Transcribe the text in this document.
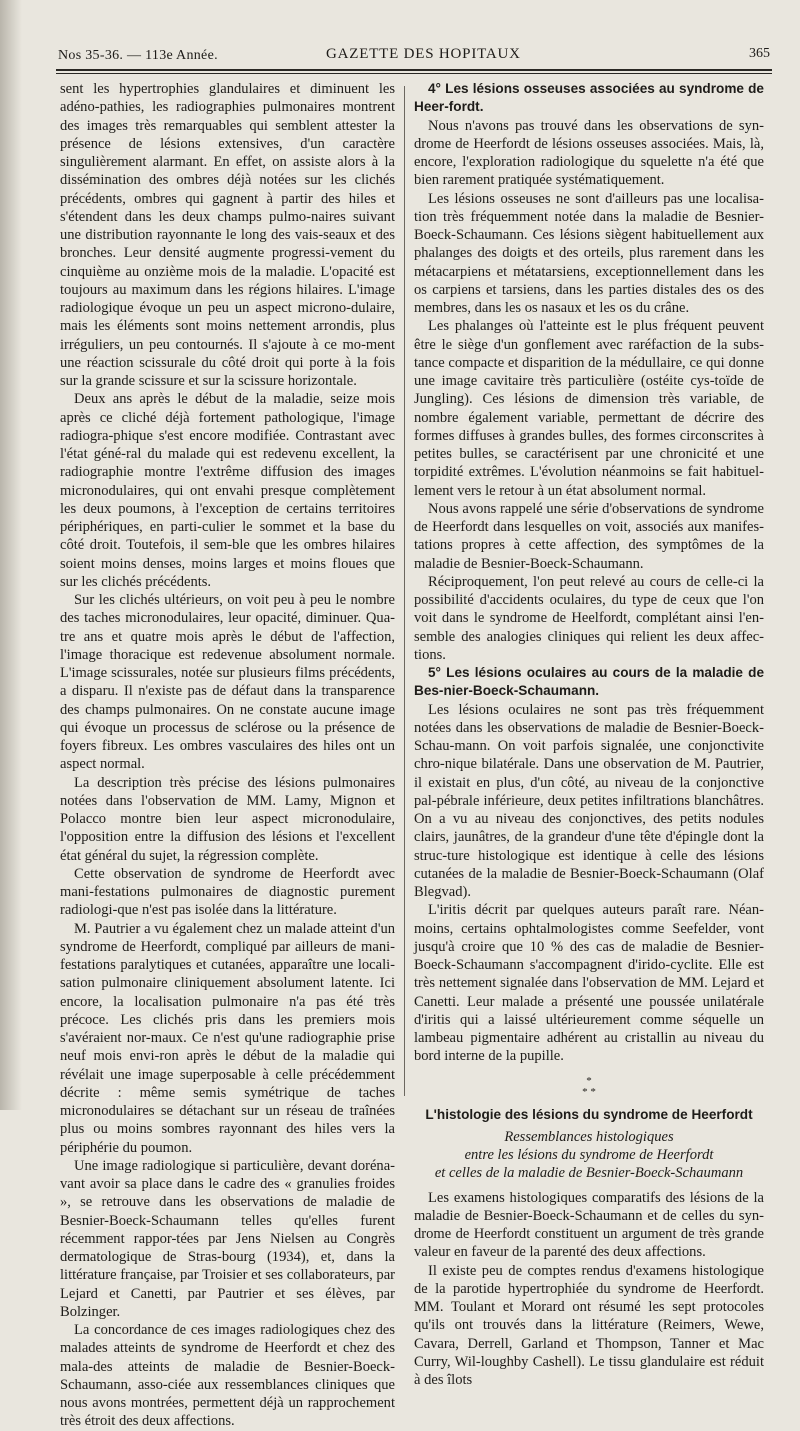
Nos 35-36. — 113e Année.	GAZETTE DES HOPITAUX	365

sent les hypertrophies glandulaires et diminuent les adéno-pathies, les radiographies pulmonaires montrent des images très remarquables qui semblent attester la présence de lésions extensives, d'un caractère singulièrement alarmant. En effet, on assiste alors à la dissémination des ombres déjà notées sur les clichés précédents, ombres qui gagnent à partir des hiles et s'étendent dans les deux champs pulmo-naires suivant une distribution rayonnante le long des vais-seaux et des bronches. Leur densité augmente progressi-vement du cinquième au onzième mois de la maladie. L'opacité est toujours au maximum dans les régions hilaires. L'image radiologique évoque un peu un aspect microno-dulaire, mais les éléments sont moins nettement arrondis, plus irréguliers, un peu contournés. Il s'ajoute à ce mo-ment une réaction scissurale du côté droit qui porte à la fois sur la grande scissure et sur la scissure horizontale.

Deux ans après le début de la maladie, seize mois après ce cliché déjà fortement pathologique, l'image radiogra-phique s'est encore modifiée. Contrastant avec l'état géné-ral du malade qui est redevenu excellent, la radiographie montre l'extrême diffusion des images micronodulaires, qui ont envahi presque complètement les deux poumons, à l'exception de certains territoires périphériques, en parti-culier le sommet et la base du côté droit. Toutefois, il sem-ble que les ombres hilaires soient moins denses, moins larges et moins floues que sur les clichés précédents.

Sur les clichés ultérieurs, on voit peu à peu le nombre des taches micronodulaires, leur opacité, diminuer. Qua-tre ans et quatre mois après le début de l'affection, l'image thoracique est redevenue absolument normale. L'image scissurales, notée sur plusieurs films précédents, a disparu. Il n'existe pas de défaut dans la transparence des champs pulmonaires. On ne constate aucune image qui évoque un processus de sclérose ou la présence de foyers fibreux. Les ombres vasculaires des hiles ont un aspect normal.

La description très précise des lésions pulmonaires notées dans l'observation de MM. Lamy, Mignon et Polacco montre bien leur aspect micronodulaire, l'opposition entre la diffusion des lésions et l'excellent état général du sujet, la régression complète.

Cette observation de syndrome de Heerfordt avec mani-festations pulmonaires de diagnostic purement radiologi-que n'est pas isolée dans la littérature.

M. Pautrier a vu également chez un malade atteint d'un syndrome de Heerfordt, compliqué par ailleurs de mani-festations paralytiques et cutanées, apparaître une locali-sation pulmonaire cliniquement absolument latente. Ici encore, la localisation pulmonaire n'a pas été très précoce. Les clichés pris dans les premiers mois s'avéraient nor-maux. Ce n'est qu'une radiographie prise neuf mois envi-ron après le début de la maladie qui révélait une image superposable à celle précédemment décrite : même semis symétrique de taches micronodulaires se détachant sur un réseau de traînées plus ou moins sombres rayonnant des hiles vers la périphérie du poumon.

Une image radiologique si particulière, devant doréna-vant avoir sa place dans le cadre des « granulies froides », se retrouve dans les observations de maladie de Besnier-Boeck-Schaumann telles qu'elles furent récemment rappor-tées par Jens Nielsen au Congrès dermatologique de Stras-bourg (1934), et, dans la littérature française, par Troisier et ses collaborateurs, par Lejard et Canetti, par Pautrier et ses élèves, par Bolzinger.

La concordance de ces images radiologiques chez des malades atteints de syndrome de Heerfordt et chez des mala-des atteints de maladie de Besnier-Boeck-Schaumann, asso-ciée aux ressemblances cliniques que nous avons montrées, permettent déjà un rapprochement très étroit des deux affections.

4° Les lésions osseuses associées au syndrome de Heer-fordt.

Nous n'avons pas trouvé dans les observations de syn-drome de Heerfordt de lésions osseuses associées. Mais, là, encore, l'exploration radiologique du squelette n'a été que bien rarement pratiquée systématiquement.

Les lésions osseuses ne sont d'ailleurs pas une localisa-tion très fréquemment notée dans la maladie de Besnier-Boeck-Schaumann. Ces lésions siègent habituellement aux phalanges des doigts et des orteils, plus rarement dans les métacarpiens et métatarsiens, exceptionnellement dans les os carpiens et tarsiens, dans les parties distales des os des membres, dans les os nasaux et les os du crâne.

Les phalanges où l'atteinte est le plus fréquent peuvent être le siège d'un gonflement avec raréfaction de la subs-tance compacte et disparition de la médullaire, ce qui donne une image cavitaire très particulière (ostéite cys-toïde de Jungling). Ces lésions de dimension très variable, de nombre également variable, permettant de décrire des formes diffuses à grandes bulles, des formes circonscrites à petites bulles, se caractérisent par une chronicité et une torpidité extrêmes. L'évolution néanmoins se fait habituel-lement vers le retour à un état absolument normal.

Nous avons rappelé une série d'observations de syndrome de Heerfordt dans lesquelles on voit, associés aux manifes-tations propres à cette affection, des symptômes de la maladie de Besnier-Boeck-Schaumann.

Réciproquement, l'on peut relevé au cours de celle-ci la possibilité d'accidents oculaires, du type de ceux que l'on voit dans le syndrome de Heelfordt, complétant ainsi l'en-semble des analogies cliniques qui relient les deux affec-tions.

5° Les lésions oculaires au cours de la maladie de Bes-nier-Boeck-Schaumann.

Les lésions oculaires ne sont pas très fréquemment notées dans les observations de maladie de Besnier-Boeck-Schau-mann. On voit parfois signalée, une conjonctivite chro-nique bilatérale. Dans une observation de M. Pautrier, il existait en plus, d'un côté, au niveau de la conjonctive pal-pébrale inférieure, deux petites infiltrations blanchâtres. On a vu au niveau des conjonctives, des petits nodules clairs, jaunâtres, de la grandeur d'une tête d'épingle dont la struc-ture histologique est identique à celle des lésions cutanées de la maladie de Besnier-Boeck-Schaumann (Olaf Blegvad).

L'iritis décrit par quelques auteurs paraît rare. Néan-moins, certains ophtalmologistes comme Seefelder, vont jusqu'à croire que 10 % des cas de maladie de Besnier-Boeck-Schaumann s'accompagnent d'irido-cyclite. Elle est très nettement signalée dans l'observation de MM. Lejard et Canetti. Leur malade a présenté une poussée unilatérale d'iritis qui a laissé ultérieurement comme séquelle un lambeau pigmentaire adhérent au cristallin au niveau du bord interne de la pupille.

*
* *

L'histologie des lésions du syndrome de Heerfordt

Ressemblances histologiques

entre les lésions du syndrome de Heerfordt

et celles de la maladie de Besnier-Boeck-Schaumann

Les examens histologiques comparatifs des lésions de la maladie de Besnier-Boeck-Schaumann et de celles du syn-drome de Heerfordt constituent un argument de très grande valeur en faveur de la parenté des deux affections.

Il existe peu de comptes rendus d'examens histologique de la parotide hypertrophiée du syndrome de Heerfordt. MM. Toulant et Morard ont résumé les sept protocoles qu'ils ont trouvés dans la littérature (Reimers, Wewe, Cavara, Derrell, Garland et Thompson, Tanner et Mac Curry, Wil-loughby Cashell). Le tissu glandulaire est réduit à des îlots
